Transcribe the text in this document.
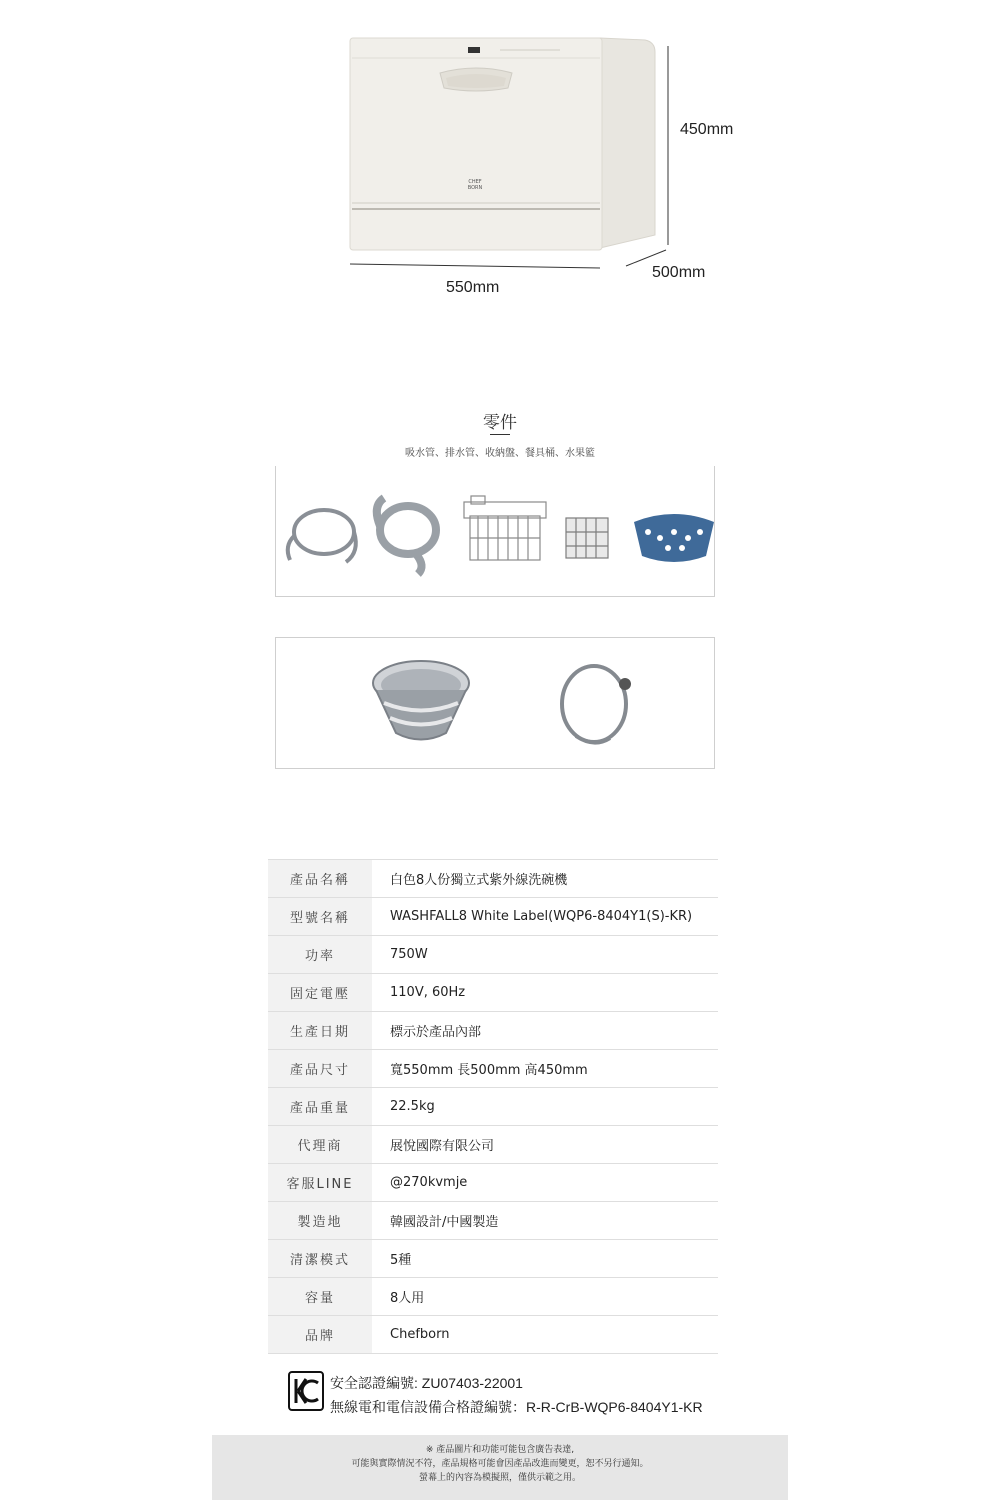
CHEF BORN
450mm
550mm
500mm
零件
吸水管、排水管、收納盤、餐具桶、水果籃
產品名稱	白色8人份獨立式紫外線洗碗機
型號名稱	WASHFALL8 White Label(WQP6-8404Y1(S)-KR)
功率	750W
固定電壓	110V, 60Hz
生產日期	標示於產品內部
產品尺寸	寬550mm 長500mm 高450mm
產品重量	22.5kg
代理商	展悅國際有限公司
客服LINE	@270kvmje
製造地	韓國設計/中國製造
清潔模式	5種
容量	8人用
品牌	Chefborn
安全認證編號: ZU07403-22001
無線電和電信設備合格證編號：R-R-CrB-WQP6-8404Y1-KR
※ 產品圖片和功能可能包含廣告表達,
可能與實際情況不符，產品規格可能會因產品改進而變更，恕不另行通知。
螢幕上的內容為模擬照，僅供示範之用。
